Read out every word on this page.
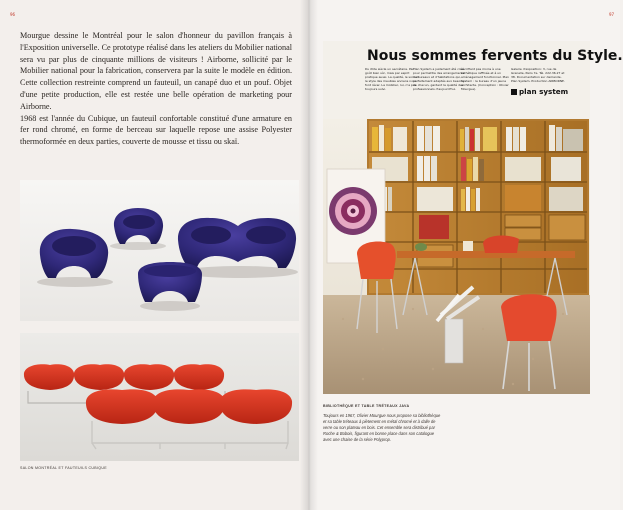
96

Mourgue dessine le Montréal pour le salon d'honneur du pavillon français à l'Exposition universelle. Ce prototype réalisé dans les ateliers du Mobilier national sera vu par plus de cinquante millions de visiteurs ! Airborne, sollicité par le Mobilier national pour la fabrication, conservera par la suite le modèle en édition. Cette collection restreinte comprend un fauteuil, un canapé duo et un pouf. Objet d'une petite production, elle est restée une belle opération de marketing pour Airborne.

1968 est l'année du Cubique, un fauteuil confortable constitué d'une armature en fer rond chromé, en forme de berceau sur laquelle repose une assise Polyester thermoformée en deux parties, couverte de mousse et tissu ou skaï.

SALON MONTRÉAL ET FAUTEUILS CUBIQUE
97
Nous sommes fervents du Style.
Du XIXe siècle un secrétaire. Par goût bien sûr, mais par esprit pratique aussi. La qualité, le soin et le style des meubles anciens nous font rêver. La mobilier, lui, n'a pas toujours suivi.
Plan System a justement été créé pour permettre des arrangements de bureaux et d'habitations qui, parfaitement adaptés aux besoins de chacun, gardent la qualité des professionnels d'aujourd'hui.
sacrifiant pas moins à une esthétique raffinée et à un aménagement fonctionnel. Plan System : le bureau d'un jeune architecte. (Conception : Olivier Mourgue).
Galerie d'exposition: 3, rue de Grenelle, Paris 7e. Tél. 222.36.27 et 38. Documentation sur demande. Plan System. Production AIRBORNE.
plan system
BIBLIOTHÈQUE ET TABLE TRÉTEAUX JAVA
Toujours en 1967, Olivier Mourgue nous propose sa bibliothèque et sa table tréteaux à piètement en métal chromé et à dalle de verre ou son plateau en bois. Cet ensemble sera distribué par Roche & Bobois, figurant en bonne place dans son catalogue avec une chaise de la série Polyprop.
